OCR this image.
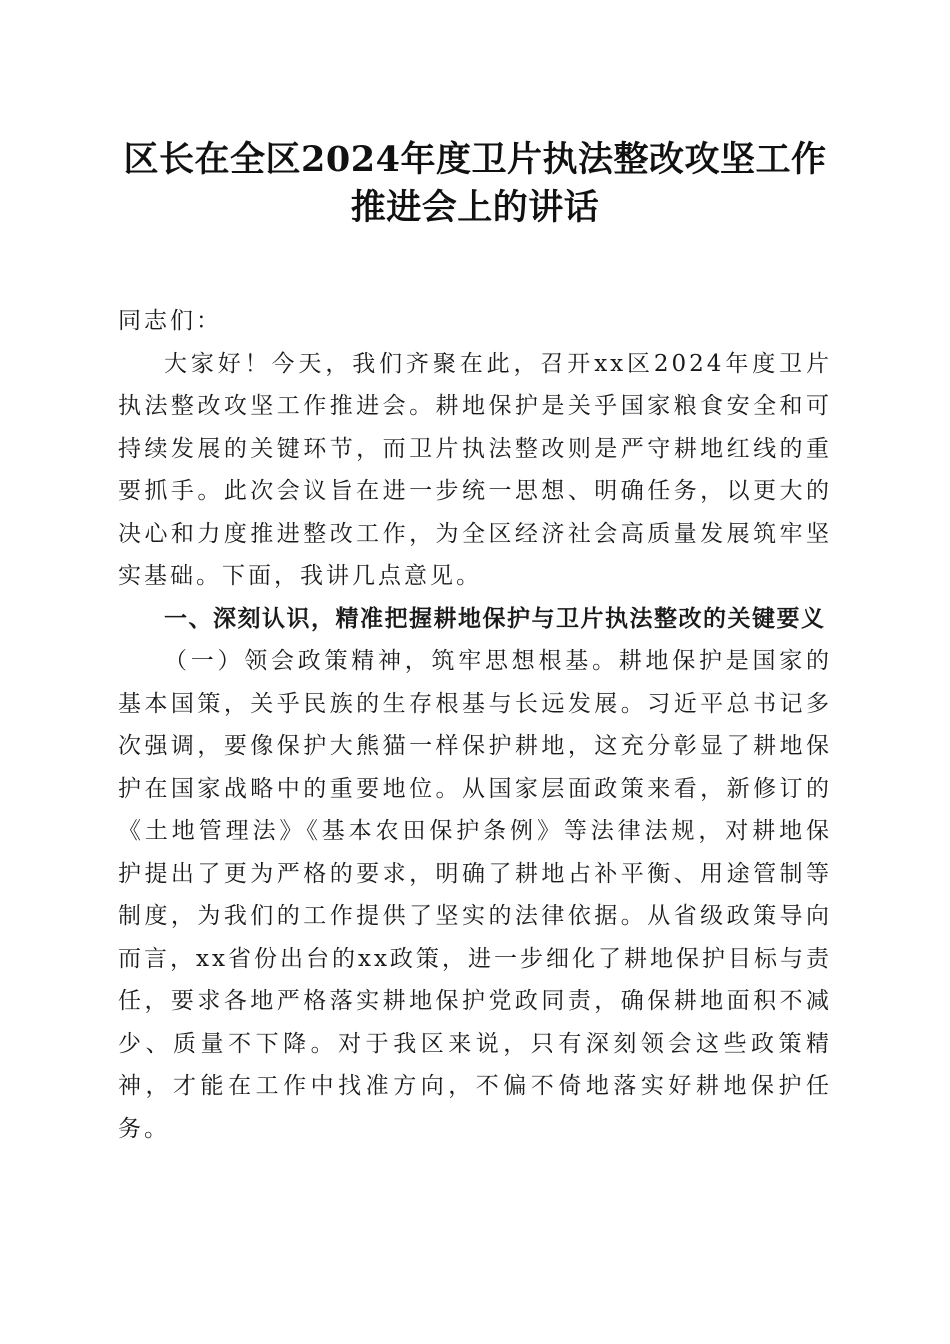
区长在全区2024年度卫片执法整改攻坚工作
推进会上的讲话

同志们：

大家好！今天，我们齐聚在此，召开xx区2024年度卫片执法整改攻坚工作推进会。耕地保护是关乎国家粮食安全和可持续发展的关键环节，而卫片执法整改则是严守耕地红线的重要抓手。此次会议旨在进一步统一思想、明确任务，以更大的决心和力度推进整改工作，为全区经济社会高质量发展筑牢坚实基础。下面，我讲几点意见。

一、深刻认识，精准把握耕地保护与卫片执法整改的关键要义

（一）领会政策精神，筑牢思想根基。耕地保护是国家的基本国策，关乎民族的生存根基与长远发展。习近平总书记多次强调，要像保护大熊猫一样保护耕地，这充分彰显了耕地保护在国家战略中的重要地位。从国家层面政策来看，新修订的《土地管理法》《基本农田保护条例》等法律法规，对耕地保护提出了更为严格的要求，明确了耕地占补平衡、用途管制等制度，为我们的工作提供了坚实的法律依据。从省级政策导向而言，xx省份出台的xx政策，进一步细化了耕地保护目标与责任，要求各地严格落实耕地保护党政同责，确保耕地面积不减少、质量不下降。对于我区来说，只有深刻领会这些政策精神，才能在工作中找准方向，不偏不倚地落实好耕地保护任务。
